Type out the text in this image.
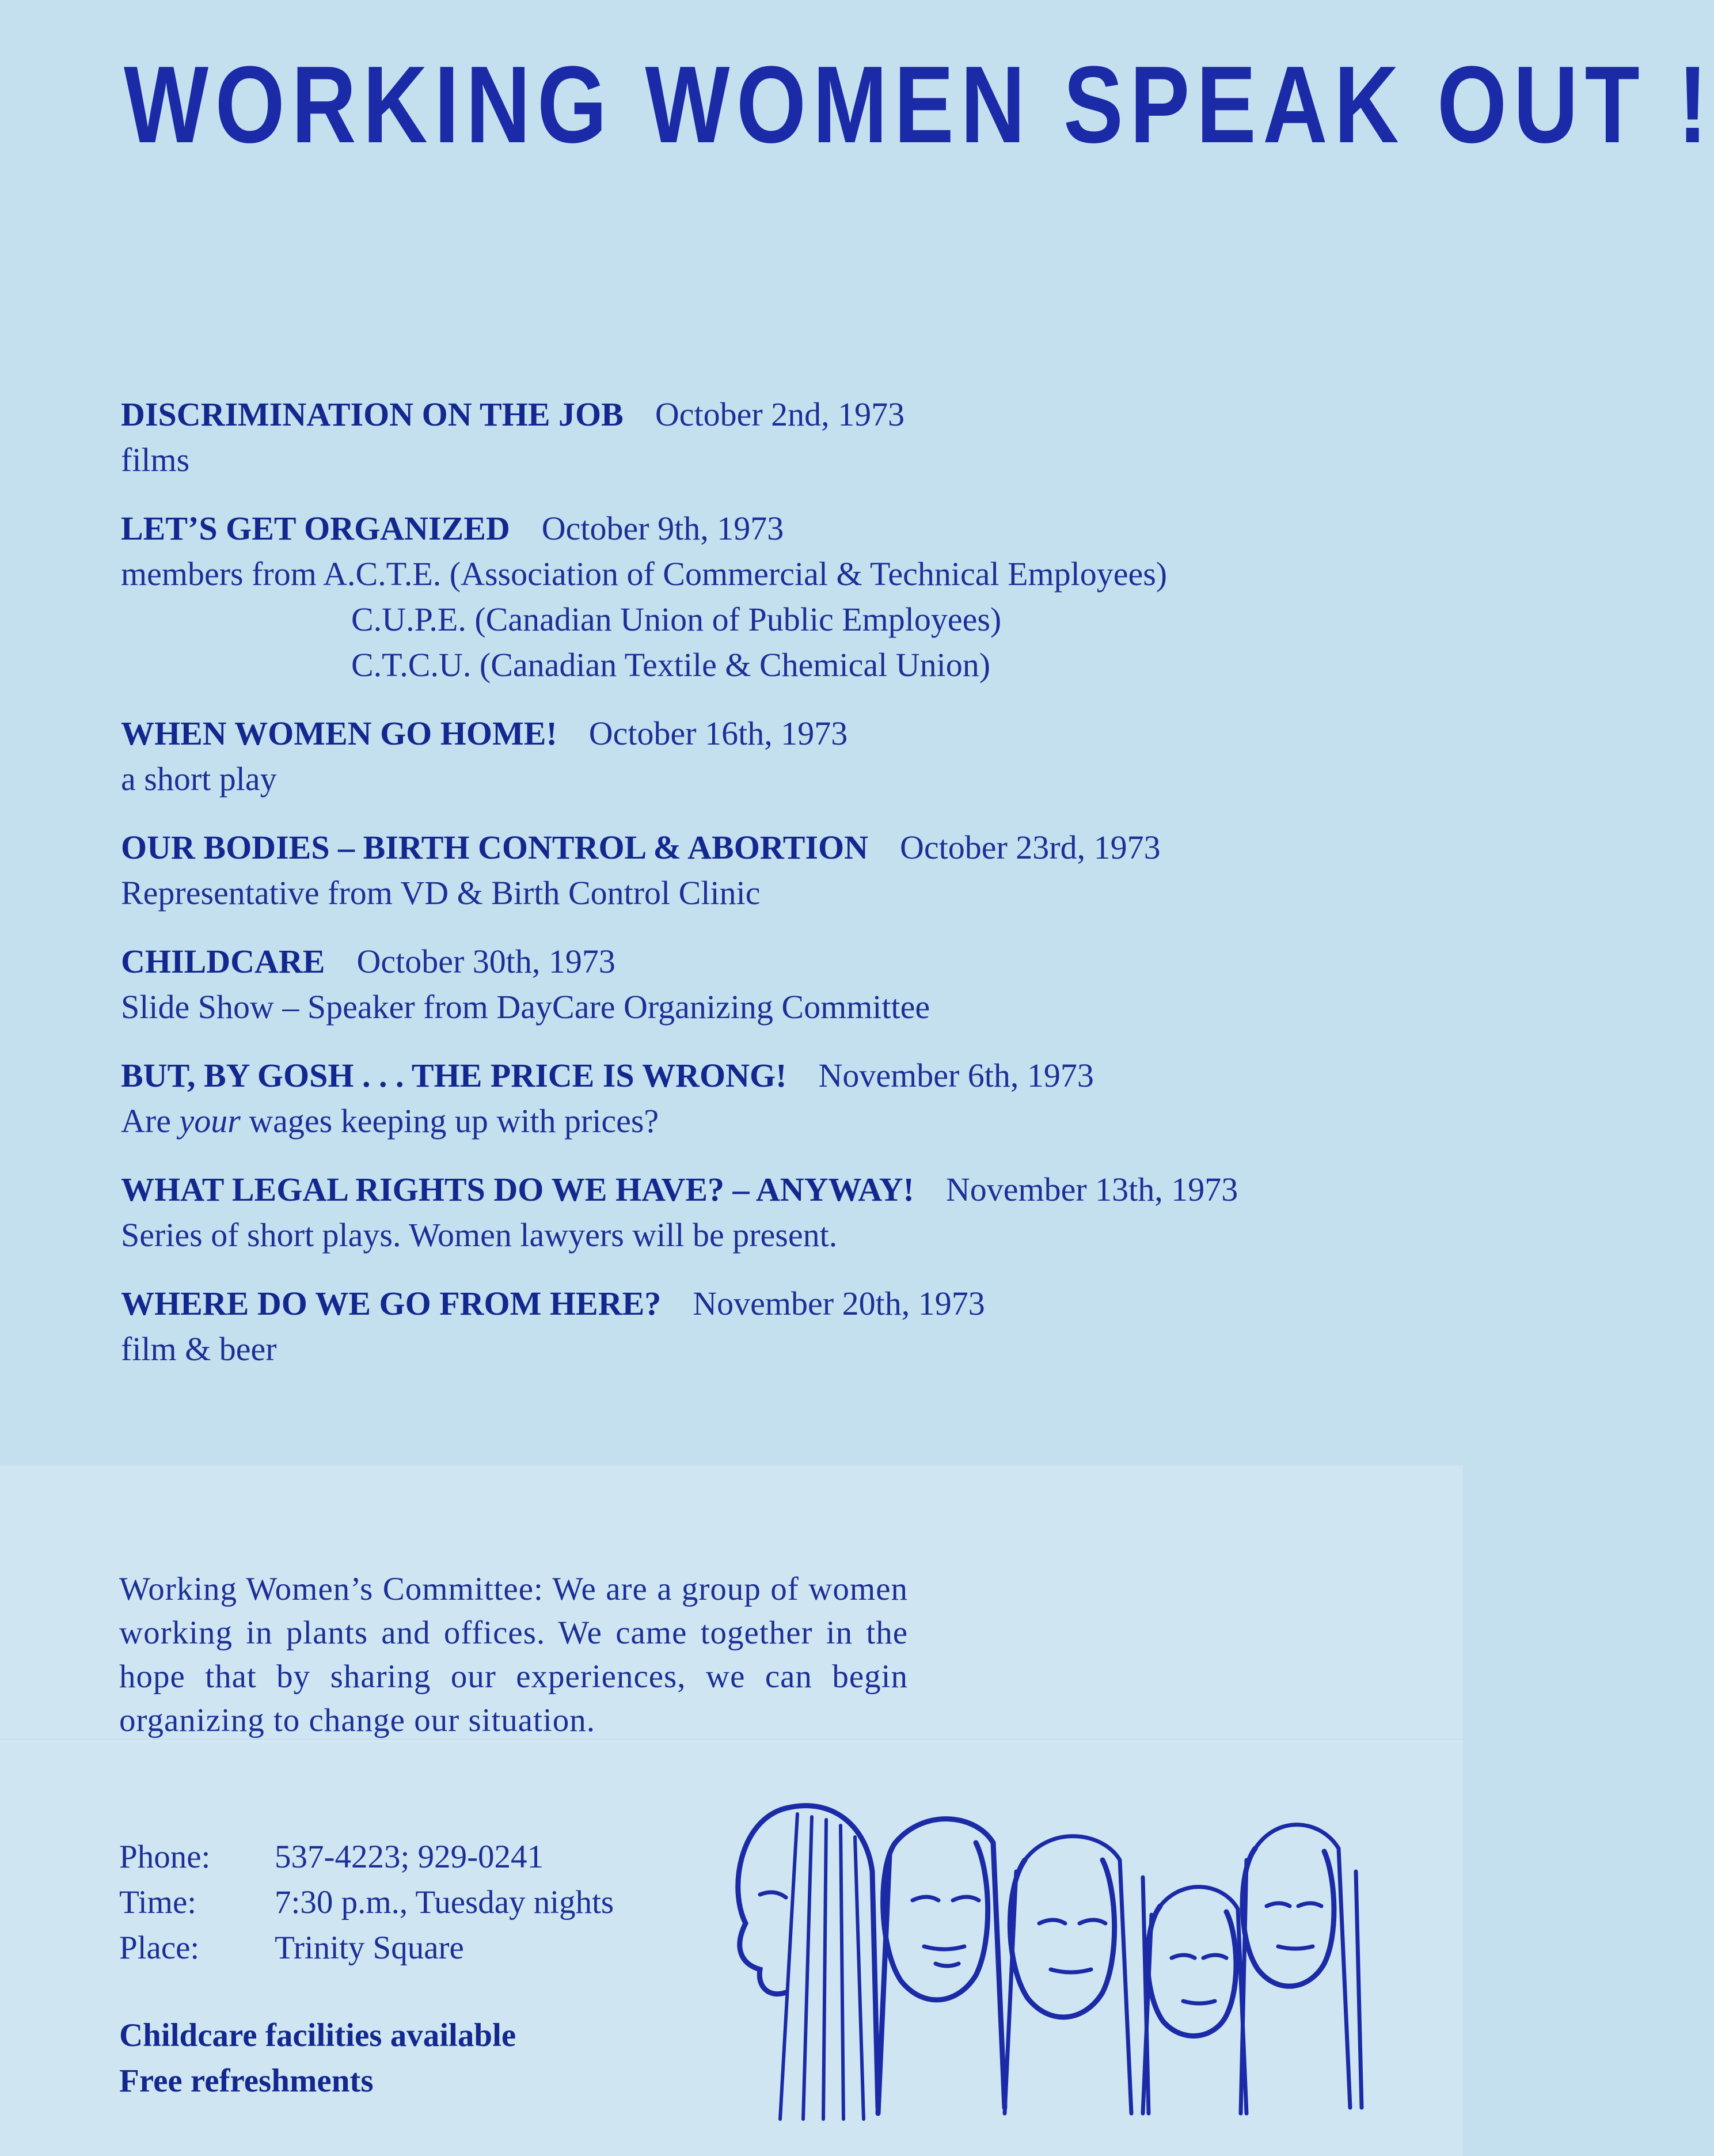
WORKING WOMEN SPEAK OUT !
DISCRIMINATION ON THE JOB October 2nd, 1973
films
LET’S GET ORGANIZED October 9th, 1973
members from A.C.T.E. (Association of Commercial & Technical Employees)
C.U.P.E. (Canadian Union of Public Employees)
C.T.C.U. (Canadian Textile & Chemical Union)
WHEN WOMEN GO HOME! October 16th, 1973
a short play
OUR BODIES – BIRTH CONTROL & ABORTION October 23rd, 1973
Representative from VD & Birth Control Clinic
CHILDCARE October 30th, 1973
Slide Show – Speaker from DayCare Organizing Committee
BUT, BY GOSH . . . THE PRICE IS WRONG! November 6th, 1973
Are your wages keeping up with prices?
WHAT LEGAL RIGHTS DO WE HAVE? – ANYWAY! November 13th, 1973
Series of short plays. Women lawyers will be present.
WHERE DO WE GO FROM HERE? November 20th, 1973
film & beer
Working Women’s Committee: We are a group of women working in plants and offices. We came together in the hope that by sharing our experiences, we can begin organizing to change our situation.
Phone: 537-4223; 929-0241
Time: 7:30 p.m., Tuesday nights
Place: Trinity Square
Childcare facilities available
Free refreshments
